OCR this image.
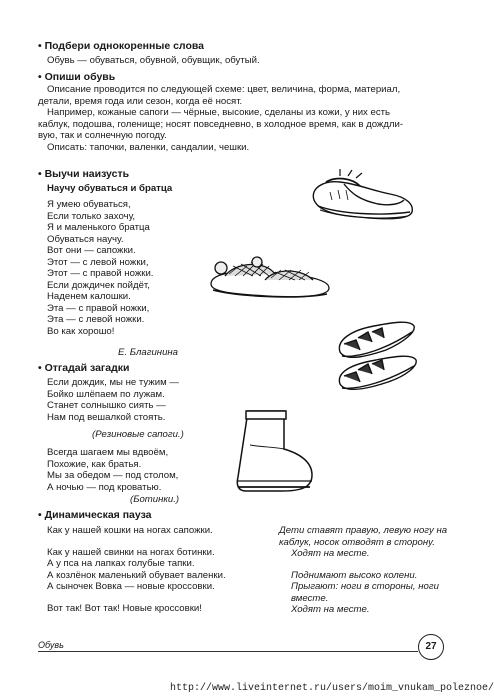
• Подбери однокоренные слова
Обувь — обуваться, обувной, обувщик, обутый.
• Опиши обувь
Описание проводится по следующей схеме: цвет, величина, форма, материал,
детали, время года или сезон, когда её носят.
Например, кожаные сапоги — чёрные, высокие, сделаны из кожи, у них есть
каблук, подошва, голенище; носят повседневно, в холодное время, как в дождли-
вую, так и солнечную погоду.
Описать: тапочки, валенки, сандалии, чешки.
• Выучи наизусть
Научу обуваться и братца
Я умею обуваться,
Если только захочу,
Я и маленького братца
Обуваться научу.
Вот они — сапожки.
Этот — с левой ножки,
Этот — с правой ножки.
Если дождичек пойдёт,
Наденем калошки.
Эта — с правой ножки,
Эта — с левой ножки.
Во как хорошо!
Е. Благинина
• Отгадай загадки
Если дождик, мы не тужим —
Бойко шлёпаем по лужам.
Станет солнышко сиять —
Нам под вешалкой стоять.
(Резиновые сапоги.)
Всегда шагаем мы вдвоём,
Похожие, как братья.
Мы за обедом — под столом,
А ночью — под кроватью.
(Ботинки.)
• Динамическая пауза
Как у нашей кошки на ногах сапожки.
Как у нашей свинки на ногах ботинки.
А у пса на лапках голубые тапки.
А козлёнок маленький обувает валенки.
А сыночек Вовка — новые кроссовки.
Вот так! Вот так! Новые кроссовки!
Дети ставят правую, левую ногу на
каблук, носок отводят в сторону.
Ходят на месте.
Поднимают высоко колени.
Прыгают: ноги в стороны, ноги
вместе.
Ходят на месте.
Обувь	27
http://www.liveinternet.ru/users/moim_vnukam_poleznoe/
